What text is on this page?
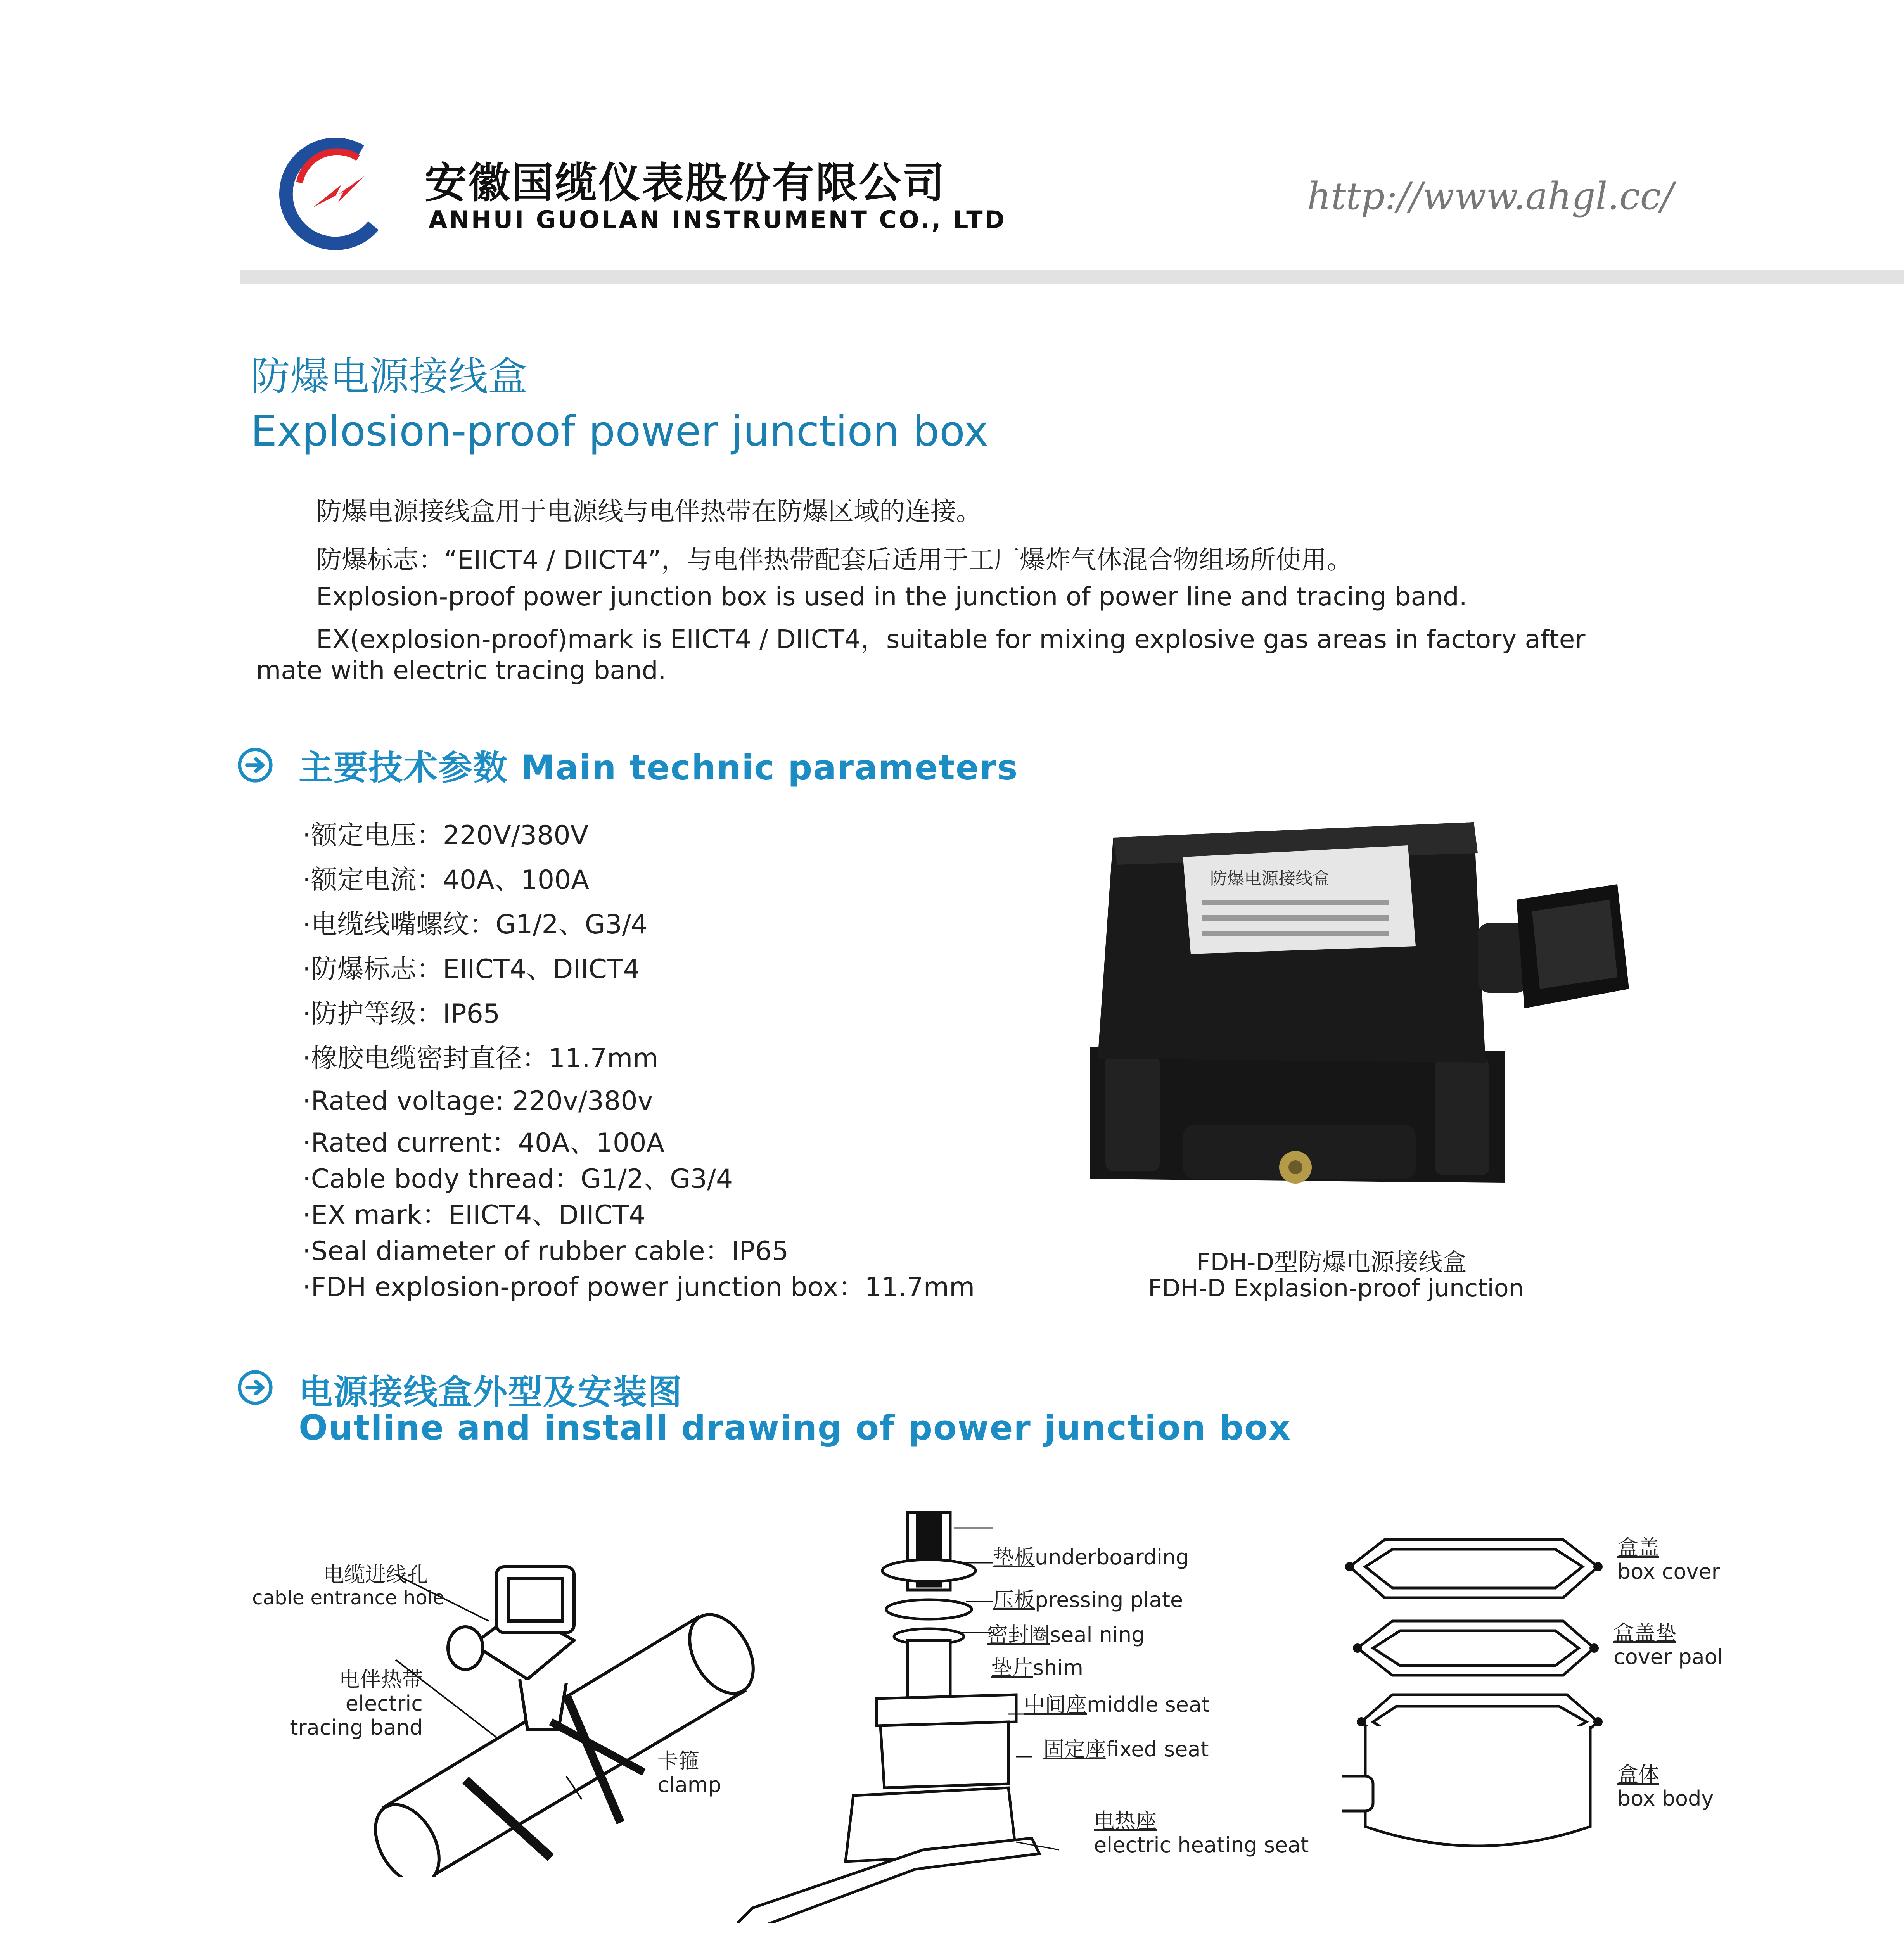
安徽国缆仪表股份有限公司
ANHUI GUOLAN INSTRUMENT CO., LTD
http://www.ahgl.cc/
防爆电源接线盒
Explosion-proof power junction box
防爆电源接线盒用于电源线与电伴热带在防爆区域的连接。
防爆标志：“EIICT4 / DIICT4”，与电伴热带配套后适用于工厂爆炸气体混合物组场所使用。
Explosion-proof power junction box is used in the junction of power line and tracing band.
EX(explosion-proof)mark is EIICT4 / DIICT4，suitable for mixing explosive gas areas in factory after
mate with electric tracing band.
主要技术参数 Main technic parameters
·额定电压：220V/380V
·额定电流：40A、100A
·电缆线嘴螺纹：G1/2、G3/4
·防爆标志：EIICT4、DIICT4
·防护等级：IP65
·橡胶电缆密封直径：11.7mm
·Rated voltage: 220v/380v
·Rated current：40A、100A
·Cable body thread：G1/2、G3/4
·EX mark：EIICT4、DIICT4
·Seal diameter of rubber cable：IP65
·FDH explosion-proof power junction box：11.7mm
防爆电源接线盒
FDH-D型防爆电源接线盒
FDH-D Explasion-proof junction
电源接线盒外型及安装图
Outline and install drawing of power junction box
电缆进线孔
cable entrance hole
电伴热带
electric
tracing band
卡箍
clamp
垫板underboarding
压板pressing plate
密封圈seal ning
垫片shim
中间座middle seat
固定座fixed seat
电热座
electric heating seat
盒盖
box cover
盒盖垫
cover paol
盒体
box body
